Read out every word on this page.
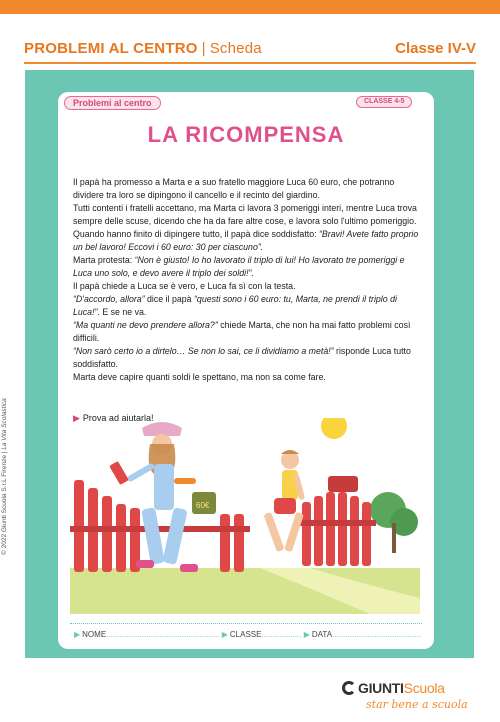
PROBLEMI AL CENTRO | Scheda	Classe IV-V
Problemi al centro	CLASSE 4-5
LA RICOMPENSA

Il papà ha promesso a Marta e a suo fratello maggiore Luca 60 euro, che potranno dividere tra loro se dipingono il cancello e il recinto del giardino.

Tutti contenti i fratelli accettano, ma Marta ci lavora 3 pomeriggi interi, mentre Luca trova sempre delle scuse, dicendo che ha da fare altre cose, e lavora solo l'ultimo pomeriggio.

Quando hanno finito di dipingere tutto, il papà dice soddisfatto: “Bravi! Avete fatto proprio un bel lavoro! Eccovi i 60 euro: 30 per ciascuno”.

Marta protesta: “Non è giusto! Io ho lavorato il triplo di lui! Ho lavorato tre pomeriggi e Luca uno solo, e devo avere il triplo dei soldi!”.

Il papà chiede a Luca se è vero, e Luca fa sì con la testa.

“D'accordo, allora” dice il papà “questi sono i 60 euro: tu, Marta, ne prendi il triplo di Luca!”. E se ne va.

“Ma quanti ne devo prendere allora?” chiede Marta, che non ha mai fatto problemi così difficili.

“Non sarò certo io a dirtelo… Se non lo sai, ce li dividiamo a metà!” risponde Luca tutto soddisfatto.

Marta deve capire quanti soldi le spettano, ma non sa come fare.

▶ Prova ad aiutarla!
60€
▶ NOME................................................... ▶ CLASSE.................. ▶ DATA........................................
© 2022 Giunti Scuola S.r.L Firenze | La Vita Scolastica
GIUNTIScuola
star bene a scuola
